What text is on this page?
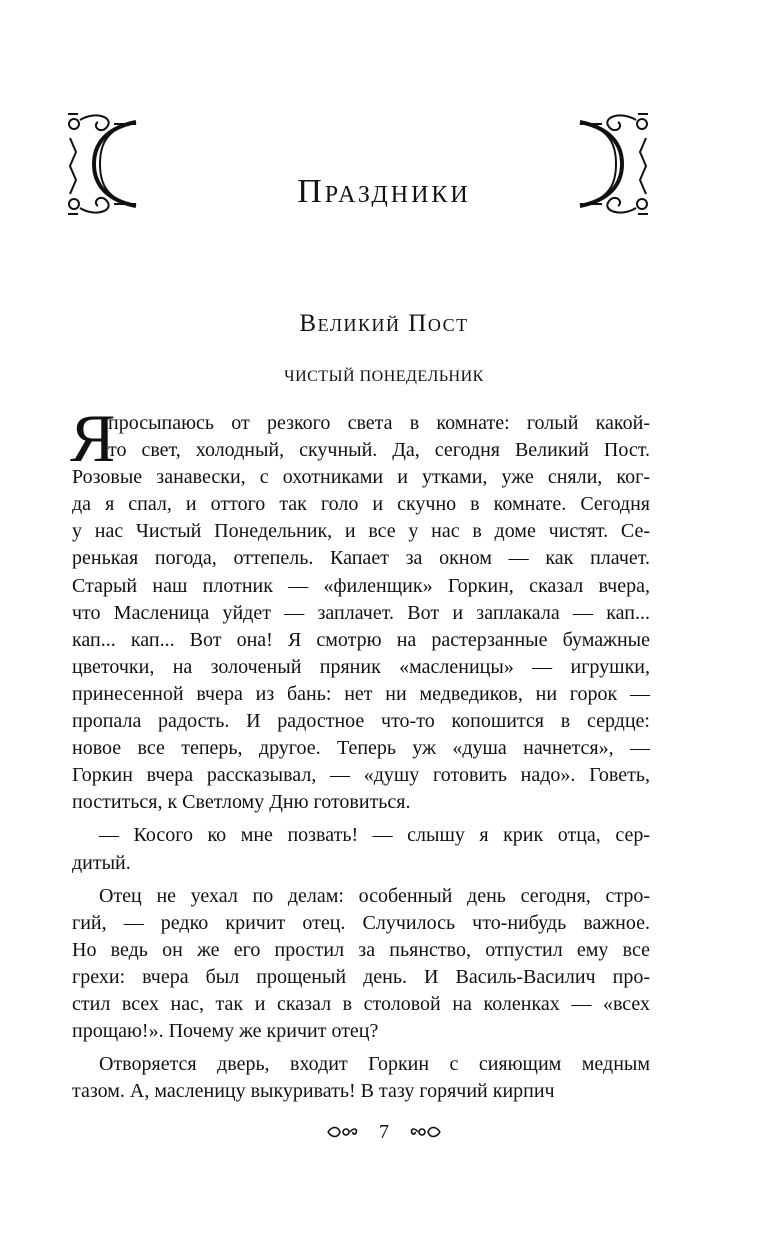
Праздники
Великий Пост
ЧИСТЫЙ ПОНЕДЕЛЬНИК
Я
просыпаюсь от резкого света в комнате: голый какой-
то свет, холодный, скучный. Да, сегодня Великий Пост.
Розовые занавески, с охотниками и утками, уже сняли, ког-
да я спал, и оттого так голо и скучно в комнате. Сегодня
у нас Чистый Понедельник, и все у нас в доме чистят. Се-
ренькая погода, оттепель. Капает за окном — как плачет.
Старый наш плотник — «филенщик» Горкин, сказал вчера,
что Масленица уйдет — заплачет. Вот и заплакала — кап...
кап... кап... Вот она! Я смотрю на растерзанные бумажные
цветочки, на золоченый пряник «масленицы» — игрушки,
принесенной вчера из бань: нет ни медведиков, ни горок —
пропала радость. И радостное что-то копошится в сердце:
новое все теперь, другое. Теперь уж «душа начнется», —
Горкин вчера рассказывал, — «душу готовить надо». Говеть,
поститься, к Светлому Дню готовиться.
— Косого ко мне позвать! — слышу я крик отца, сер-
дитый.
Отец не уехал по делам: особенный день сегодня, стро-
гий, — редко кричит отец. Случилось что-нибудь важное.
Но ведь он же его простил за пьянство, отпустил ему все
грехи: вчера был прощеный день. И Василь-Василич про-
стил всех нас, так и сказал в столовой на коленках — «всех
прощаю!». Почему же кричит отец?
Отворяется дверь, входит Горкин с сияющим медным
тазом. А, масленицу выкуривать! В тазу горячий кирпич
7
